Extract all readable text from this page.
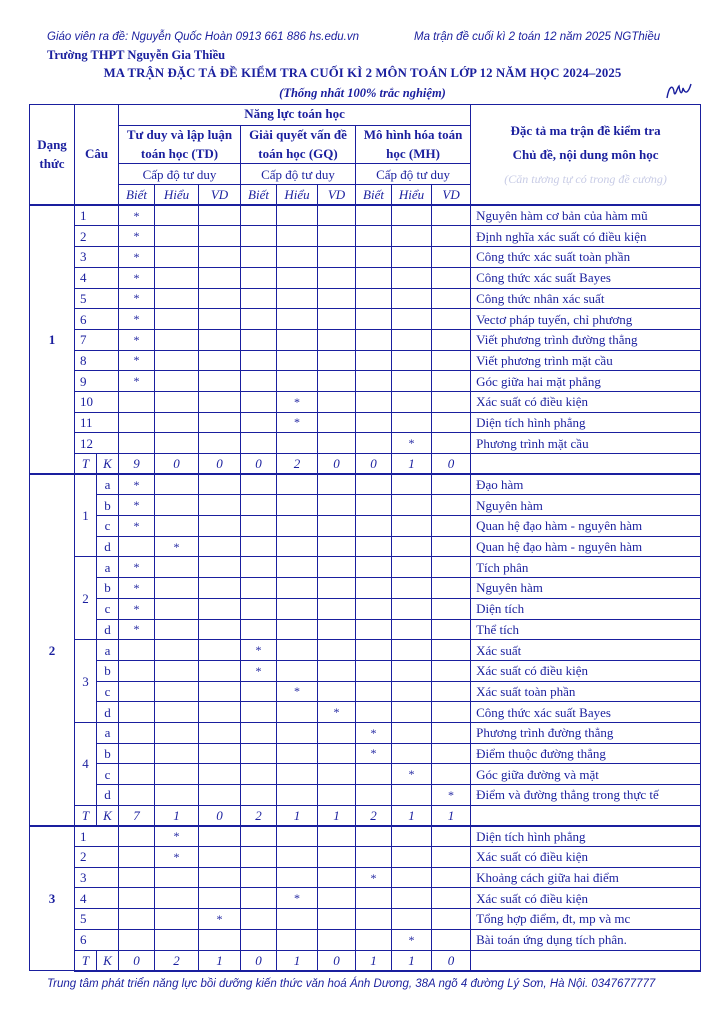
Giáo viên ra đề: Nguyễn Quốc Hoàn 0913 661 886 hs.edu.vn	Ma trận đề cuối kì 2 toán 12 năm 2025 NGThiều
Trường THPT Nguyễn Gia Thiều
MA TRẬN ĐẶC TẢ ĐỀ KIỂM TRA CUỐI KÌ 2 MÔN TOÁN LỚP 12 NĂM HỌC 2024–2025
(Thống nhất 100% trắc nghiệm)
Dạng thức	Câu		Năng lực toán học									Đặc tả ma trận đề kiểm tra
Chủ đề, nội dung môn học
(Căn tương tự có trong đề cương)

			Tư duy và lập luận toán học (TD)			Giải quyết vấn đề toán học (GQ)			Mô hình hóa toán học (MH)			
			Cấp độ tư duy			Cấp độ tư duy			Cấp độ tư duy			
			Biết	Hiểu	VD	Biết	Hiểu	VD	Biết	Hiểu	VD	
1	1		*									Nguyên hàm cơ bản của hàm mũ
	2		*									Định nghĩa xác suất có điều kiện
	3		*									Công thức xác suất toàn phần
	4		*									Công thức xác suất Bayes
	5		*									Công thức nhân xác suất
	6		*									Vectơ pháp tuyến, chỉ phương
	7		*									Viết phương trình đường thẳng
	8		*									Viết phương trình mặt cầu
	9		*									Góc giữa hai mặt phẳng
	10						*					Xác suất có điều kiện
	11						*					Diện tích hình phẳng
	12									*		Phương trình mặt cầu
	T	K	9	0	0	0	2	0	0	1	0	
2	1	a	*									Đạo hàm
		b	*									Nguyên hàm
		c	*									Quan hệ đạo hàm - nguyên hàm
		d		*								Quan hệ đạo hàm - nguyên hàm
	2	a	*									Tích phân
		b	*									Nguyên hàm
		c	*									Diện tích
		d	*									Thể tích
	3	a				*						Xác suất
		b				*						Xác suất có điều kiện
		c					*					Xác suất toàn phần
		d						*				Công thức xác suất Bayes
	4	a							*			Phương trình đường thẳng
		b							*			Điểm thuộc đường thẳng
		c								*		Góc giữa đường và mặt
		d									*	Điểm và đường thẳng trong thực tế
	T	K	7	1	0	2	1	1	2	1	1	
3	1			*								Diện tích hình phẳng
	2			*								Xác suất có điều kiện
	3								*			Khoảng cách giữa hai điểm
	4						*					Xác suất có điều kiện
	5				*							Tổng hợp điểm, đt, mp và mc
	6									*		Bài toán ứng dụng tích phân.
	T	K	0	2	1	0	1	0	1	1	0	
Trung tâm phát triển năng lực bồi dưỡng kiến thức văn hoá Ánh Dương, 38A ngõ 4 đường Lý Sơn, Hà Nội. 0347677777
